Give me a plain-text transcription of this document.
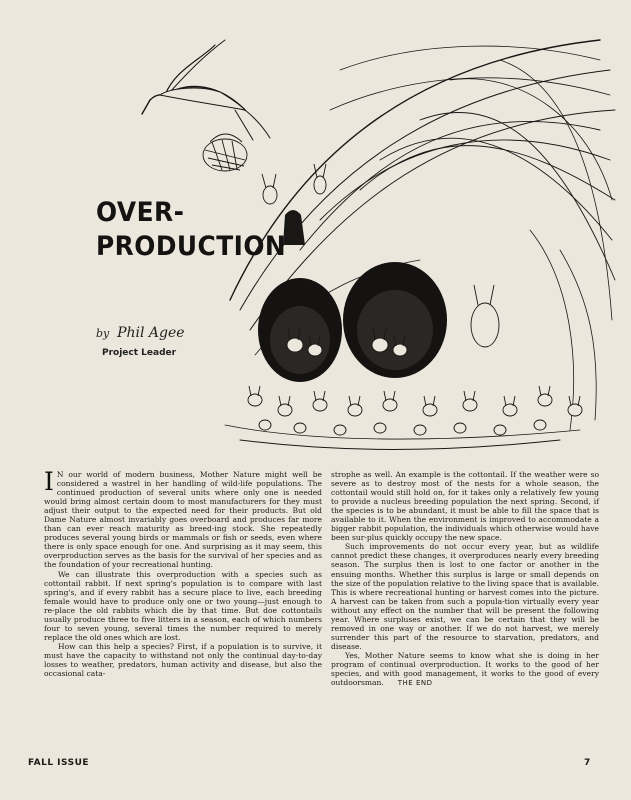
OVER-
PRODUCTION
by Phil Agee
Project Leader

I N our world of modern business, Mother Nature might well be considered a wastrel in her handling of wild-life populations. The continued production of several units where only one is needed would bring almost certain doom to most manufacturers for they must adjust their output to the expected need for their products. But old Dame Nature almost invariably goes overboard and produces far more than can ever reach maturity as breed-ing stock. She repeatedly produces several young birds or mammals or fish or seeds, even where there is only space enough for one. And surprising as it may seem, this overproduction serves as the basis for the survival of her species and as the foundation of your recreational hunting.

We can illustrate this overproduction with a species such as cottontail rabbit. If next spring's population is to compare with last spring's, and if every rabbit has a secure place to live, each breeding female would have to produce only one or two young—just enough to re-place the old rabbits which die by that time. But doe cottontails usually produce three to five litters in a season, each of which numbers four to seven young, several times the number required to merely replace the old ones which are lost.

How can this help a species? First, if a population is to survive, it must have the capacity to withstand not only the continual day-to-day losses to weather, predators, human activity and disease, but also the occasional cata-

strophe as well. An example is the cottontail. If the weather were so severe as to destroy most of the nests for a whole season, the cottontail would still hold on, for it takes only a relatively few young to provide a nucleus breeding population the next spring. Second, if the species is to be abundant, it must be able to fill the space that is available to it. When the environment is improved to accommodate a bigger rabbit population, the individuals which otherwise would have been sur-plus quickly occupy the new space.

Such improvements do not occur every year, but as wildlife cannot predict these changes, it overproduces nearly every breeding season. The surplus then is lost to one factor or another in the ensuing months. Whether this surplus is large or small depends on the size of the population relative to the living space that is available. This is where recreational hunting or harvest comes into the picture. A harvest can be taken from such a popula-tion virtually every year without any effect on the number that will be present the following year. Where surpluses exist, we can be certain that they will be removed in one way or another. If we do not harvest, we merely surrender this part of the resource to starvation, predators, and disease.

Yes, Mother Nature seems to know what she is doing in her program of continual overproduction. It works to the good of her species, and with good management, it works to the good of every outdoorsman. THE END

FALL ISSUE	7
